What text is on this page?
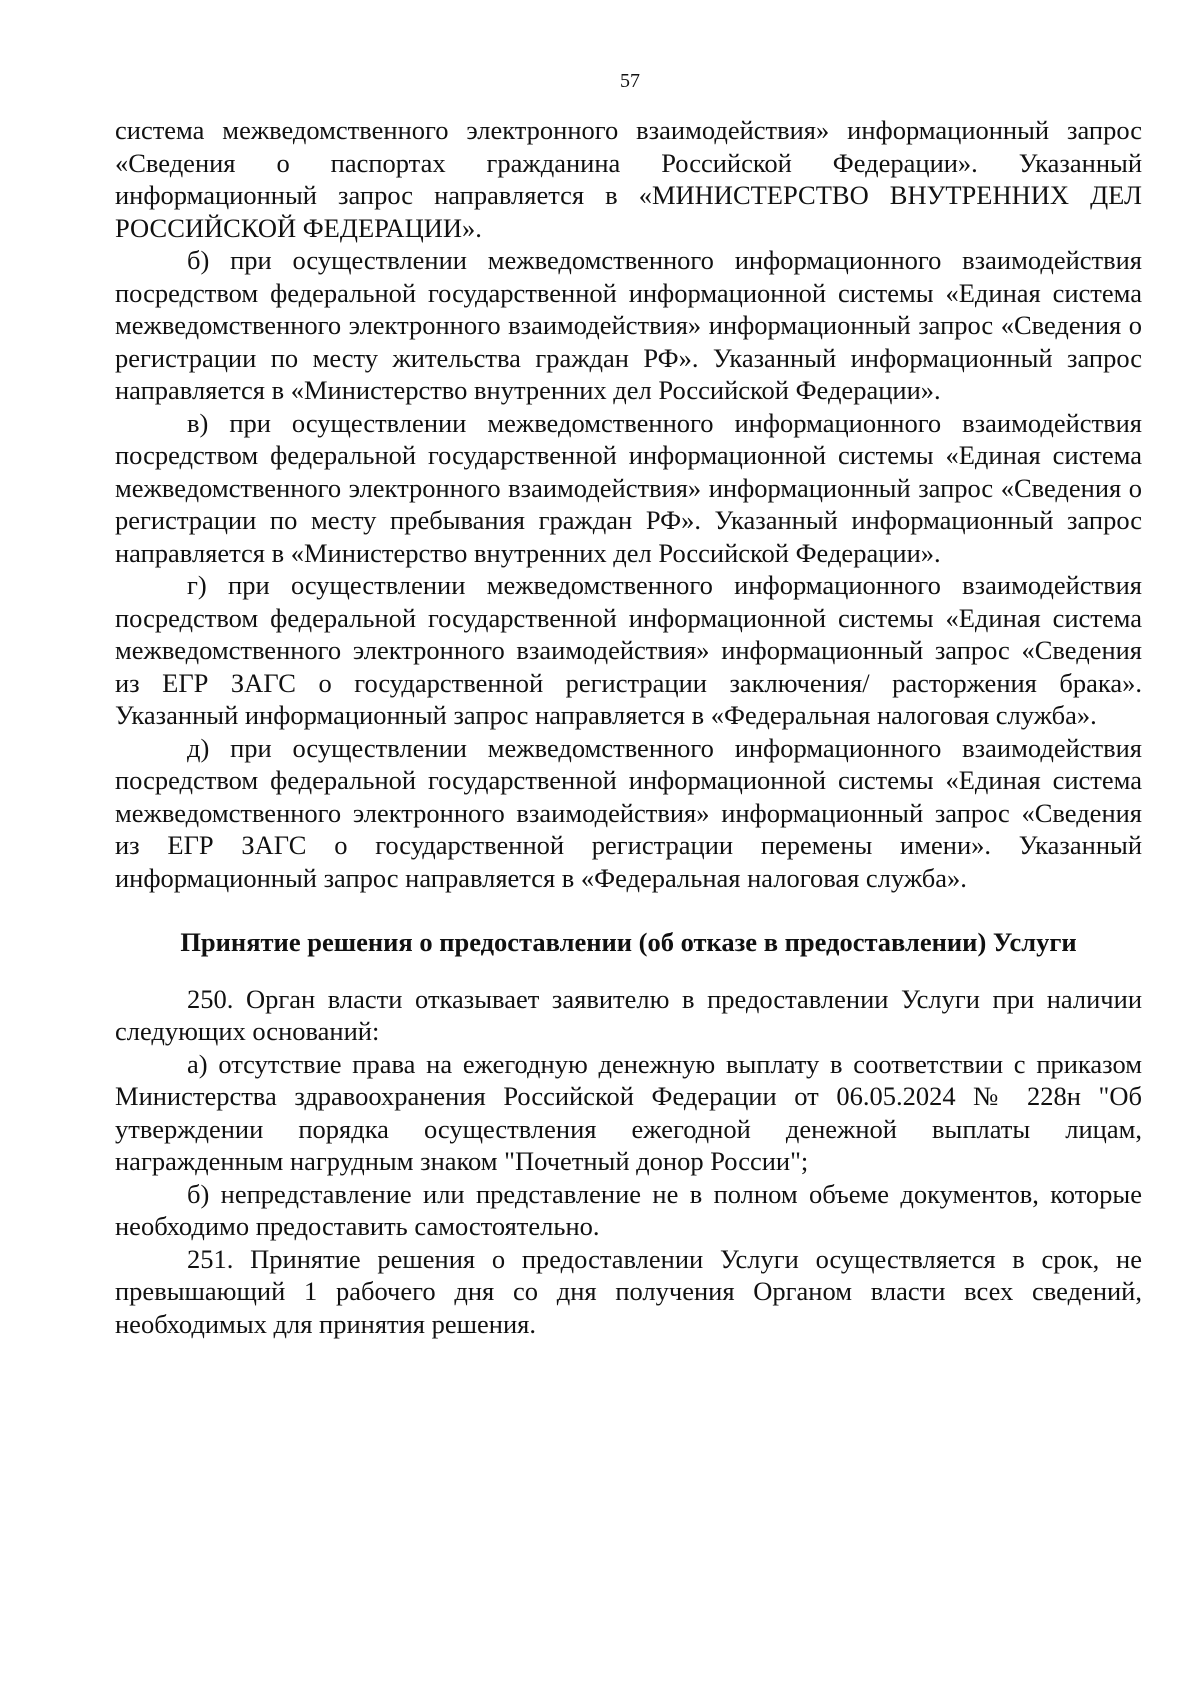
57

система межведомственного электронного взаимодействия» информационный запрос «Сведения о паспортах гражданина Российской Федерации». Указанный информационный запрос направляется в «МИНИСТЕРСТВО ВНУТРЕННИХ ДЕЛ РОССИЙСКОЙ ФЕДЕРАЦИИ».

б) при осуществлении межведомственного информационного взаимодействия посредством федеральной государственной информационной системы «Единая система межведомственного электронного взаимодействия» информационный запрос «Сведения о регистрации по месту жительства граждан РФ». Указанный информационный запрос направляется в «Министерство внутренних дел Российской Федерации».

в) при осуществлении межведомственного информационного взаимодействия посредством федеральной государственной информационной системы «Единая система межведомственного электронного взаимодействия» информационный запрос «Сведения о регистрации по месту пребывания граждан РФ». Указанный информационный запрос направляется в «Министерство внутренних дел Российской Федерации».

г) при осуществлении межведомственного информационного взаимодействия посредством федеральной государственной информационной системы «Единая система межведомственного электронного взаимодействия» информационный запрос «Сведения из ЕГР ЗАГС о государственной регистрации заключения/ расторжения брака». Указанный информационный запрос направляется в «Федеральная налоговая служба».

д) при осуществлении межведомственного информационного взаимодействия посредством федеральной государственной информационной системы «Единая система межведомственного электронного взаимодействия» информационный запрос «Сведения из ЕГР ЗАГС о государственной регистрации перемены имени». Указанный информационный запрос направляется в «Федеральная налоговая служба».

Принятие решения о предоставлении (об отказе в предоставлении) Услуги

250. Орган власти отказывает заявителю в предоставлении Услуги при наличии следующих оснований:

а) отсутствие права на ежегодную денежную выплату в соответствии с приказом Министерства здравоохранения Российской Федерации от 06.05.2024 № 228н "Об утверждении порядка осуществления ежегодной денежной выплаты лицам, награжденным нагрудным знаком "Почетный донор России";

б) непредставление или представление не в полном объеме документов, которые необходимо предоставить самостоятельно.

251. Принятие решения о предоставлении Услуги осуществляется в срок, не превышающий 1 рабочего дня со дня получения Органом власти всех сведений, необходимых для принятия решения.
